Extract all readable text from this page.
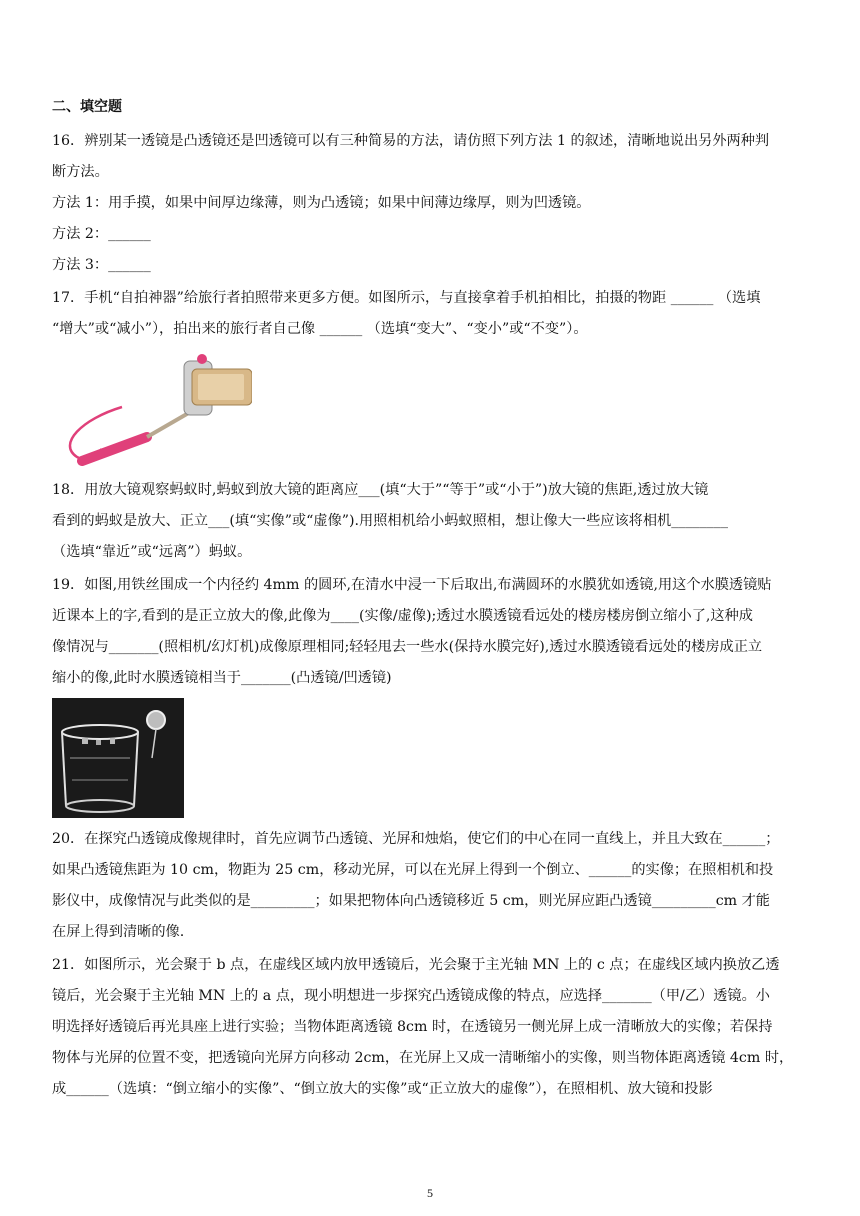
二、填空题

16．辨别某一透镜是凸透镜还是凹透镜可以有三种简易的方法，请仿照下列方法 1 的叙述，清晰地说出另外两种判

断方法。

方法 1：用手摸，如果中间厚边缘薄，则为凸透镜；如果中间薄边缘厚，则为凹透镜。

方法 2：______

方法 3：______

17．手机“自拍神器”给旅行者拍照带来更多方便。如图所示，与直接拿着手机拍相比，拍摄的物距 ______ （选填

“增大”或“减小”），拍出来的旅行者自己像 ______ （选填“变大”、“变小”或“不变”）。

18．用放大镜观察蚂蚁时,蚂蚁到放大镜的距离应___(填“大于”“等于”或“小于”)放大镜的焦距,透过放大镜

看到的蚂蚁是放大、正立___(填“实像”或“虚像”).用照相机给小蚂蚁照相，想让像大一些应该将相机________

（选填“靠近”或“远离”）蚂蚁。

19．如图,用铁丝围成一个内径约 4mm 的圆环,在清水中浸一下后取出,布满圆环的水膜犹如透镜,用这个水膜透镜贴

近课本上的字,看到的是正立放大的像,此像为____(实像/虚像);透过水膜透镜看远处的楼房楼房倒立缩小了,这种成

像情况与_______(照相机/幻灯机)成像原理相同;轻轻甩去一些水(保持水膜完好),透过水膜透镜看远处的楼房成正立

缩小的像,此时水膜透镜相当于_______(凸透镜/凹透镜)

20．在探究凸透镜成像规律时，首先应调节凸透镜、光屏和烛焰，使它们的中心在同一直线上，并且大致在______；

如果凸透镜焦距为 10 cm，物距为 25 cm，移动光屏，可以在光屏上得到一个倒立、______的实像；在照相机和投

影仪中，成像情况与此类似的是_________；如果把物体向凸透镜移近 5 cm，则光屏应距凸透镜_________cm 才能

在屏上得到清晰的像.

21．如图所示，光会聚于 b 点，在虚线区域内放甲透镜后，光会聚于主光轴 MN 上的 c 点；在虚线区域内换放乙透

镜后，光会聚于主光轴 MN 上的 a 点，现小明想进一步探究凸透镜成像的特点，应选择_______（甲/乙）透镜。小

明选择好透镜后再光具座上进行实验；当物体距离透镜 8cm 时，在透镜另一侧光屏上成一清晰放大的实像；若保持

物体与光屏的位置不变，把透镜向光屏方向移动 2cm，在光屏上又成一清晰缩小的实像，则当物体距离透镜 4cm 时，

成______（选填：“倒立缩小的实像”、“倒立放大的实像”或“正立放大的虚像”），在照相机、放大镜和投影

5
